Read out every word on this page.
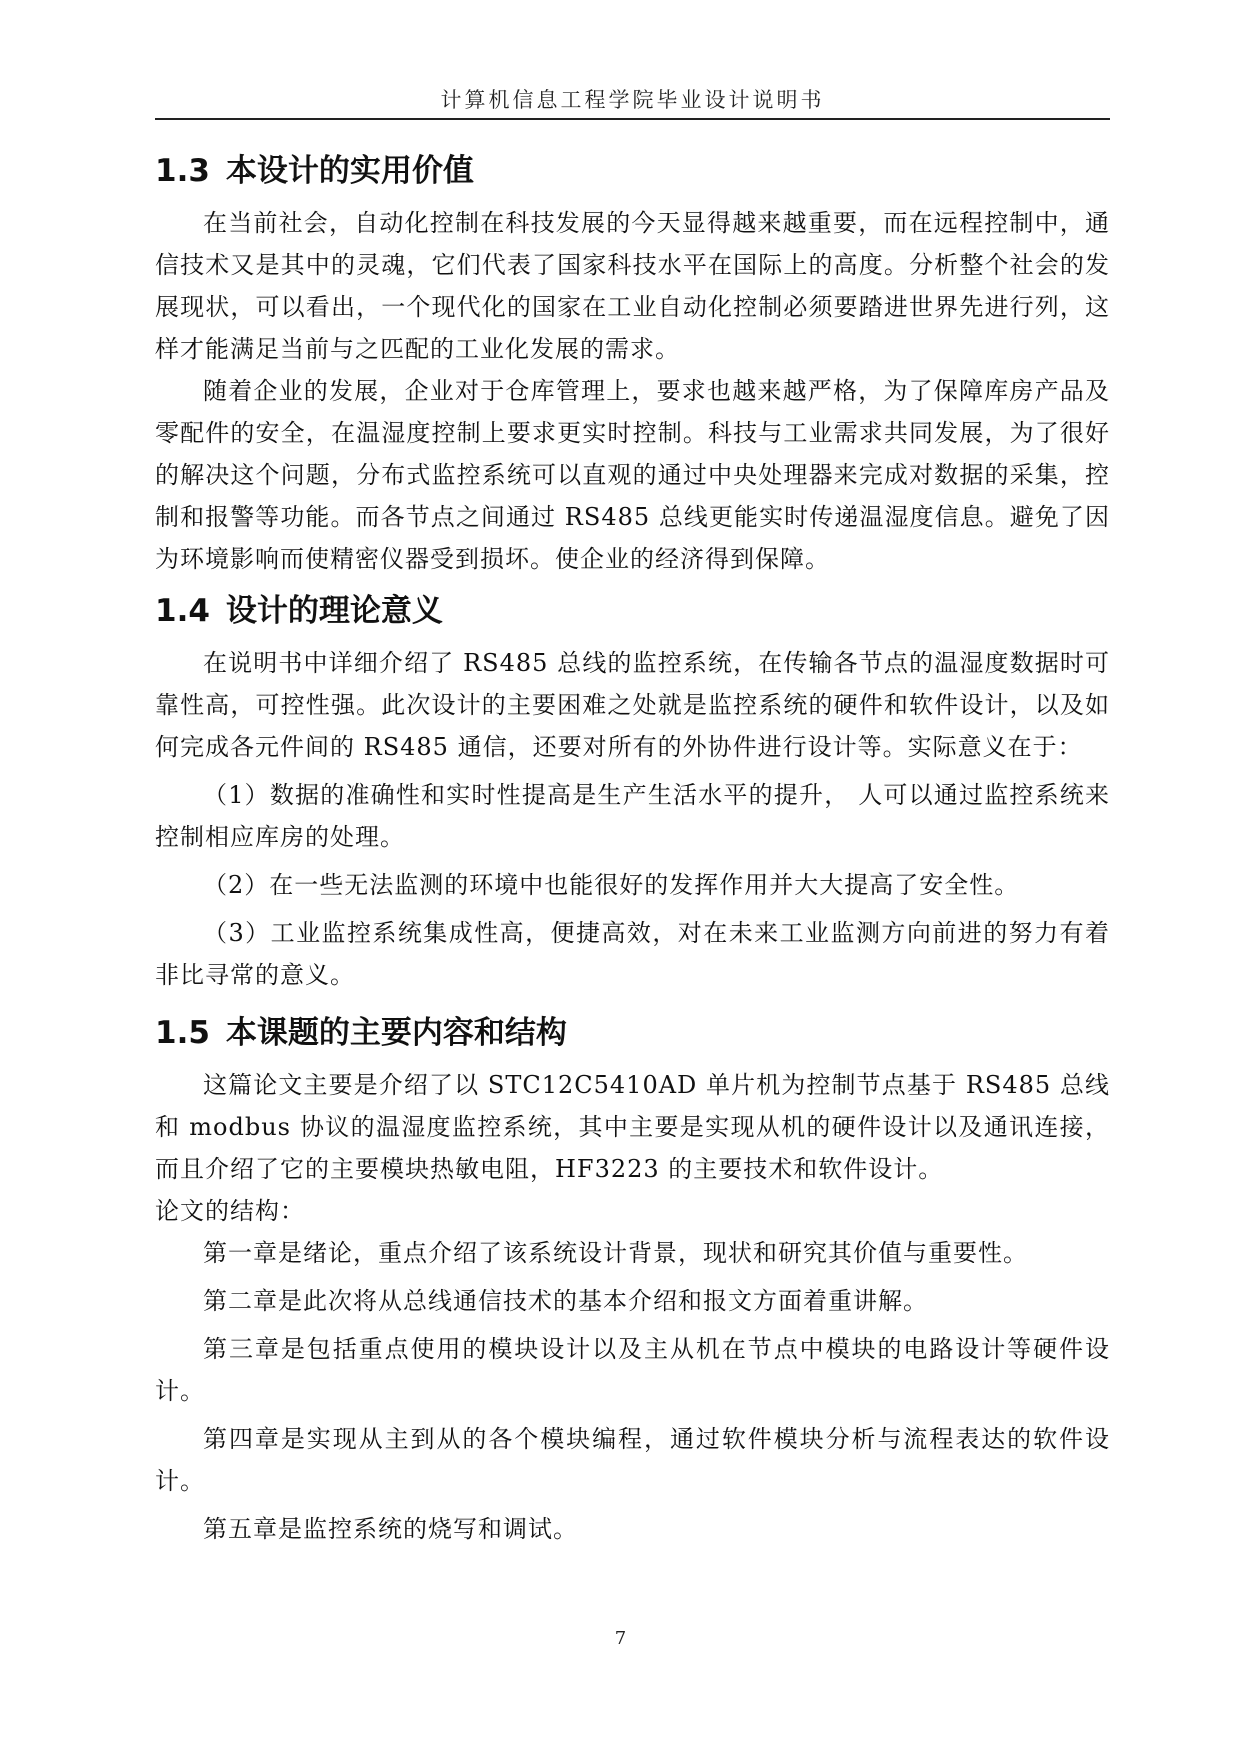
计算机信息工程学院毕业设计说明书
1.3 本设计的实用价值

在当前社会，自动化控制在科技发展的今天显得越来越重要，而在远程控制中，通信技术又是其中的灵魂，它们代表了国家科技水平在国际上的高度。分析整个社会的发展现状，可以看出，一个现代化的国家在工业自动化控制必须要踏进世界先进行列，这样才能满足当前与之匹配的工业化发展的需求。

随着企业的发展，企业对于仓库管理上，要求也越来越严格，为了保障库房产品及零配件的安全，在温湿度控制上要求更实时控制。科技与工业需求共同发展，为了很好的解决这个问题，分布式监控系统可以直观的通过中央处理器来完成对数据的采集，控制和报警等功能。而各节点之间通过 RS485 总线更能实时传递温湿度信息。避免了因为环境影响而使精密仪器受到损坏。使企业的经济得到保障。

1.4 设计的理论意义

在说明书中详细介绍了 RS485 总线的监控系统，在传输各节点的温湿度数据时可靠性高，可控性强。此次设计的主要困难之处就是监控系统的硬件和软件设计，以及如何完成各元件间的 RS485 通信，还要对所有的外协件进行设计等。实际意义在于：

（1）数据的准确性和实时性提高是生产生活水平的提升， 人可以通过监控系统来控制相应库房的处理。

（2）在一些无法监测的环境中也能很好的发挥作用并大大提高了安全性。

（3）工业监控系统集成性高，便捷高效，对在未来工业监测方向前进的努力有着非比寻常的意义。

1.5 本课题的主要内容和结构

这篇论文主要是介绍了以 STC12C5410AD 单片机为控制节点基于 RS485 总线和 modbus 协议的温湿度监控系统，其中主要是实现从机的硬件设计以及通讯连接，而且介绍了它的主要模块热敏电阻，HF3223 的主要技术和软件设计。

论文的结构：

第一章是绪论，重点介绍了该系统设计背景，现状和研究其价值与重要性。

第二章是此次将从总线通信技术的基本介绍和报文方面着重讲解。

第三章是包括重点使用的模块设计以及主从机在节点中模块的电路设计等硬件设计。

第四章是实现从主到从的各个模块编程，通过软件模块分析与流程表达的软件设计。

第五章是监控系统的烧写和调试。

7
